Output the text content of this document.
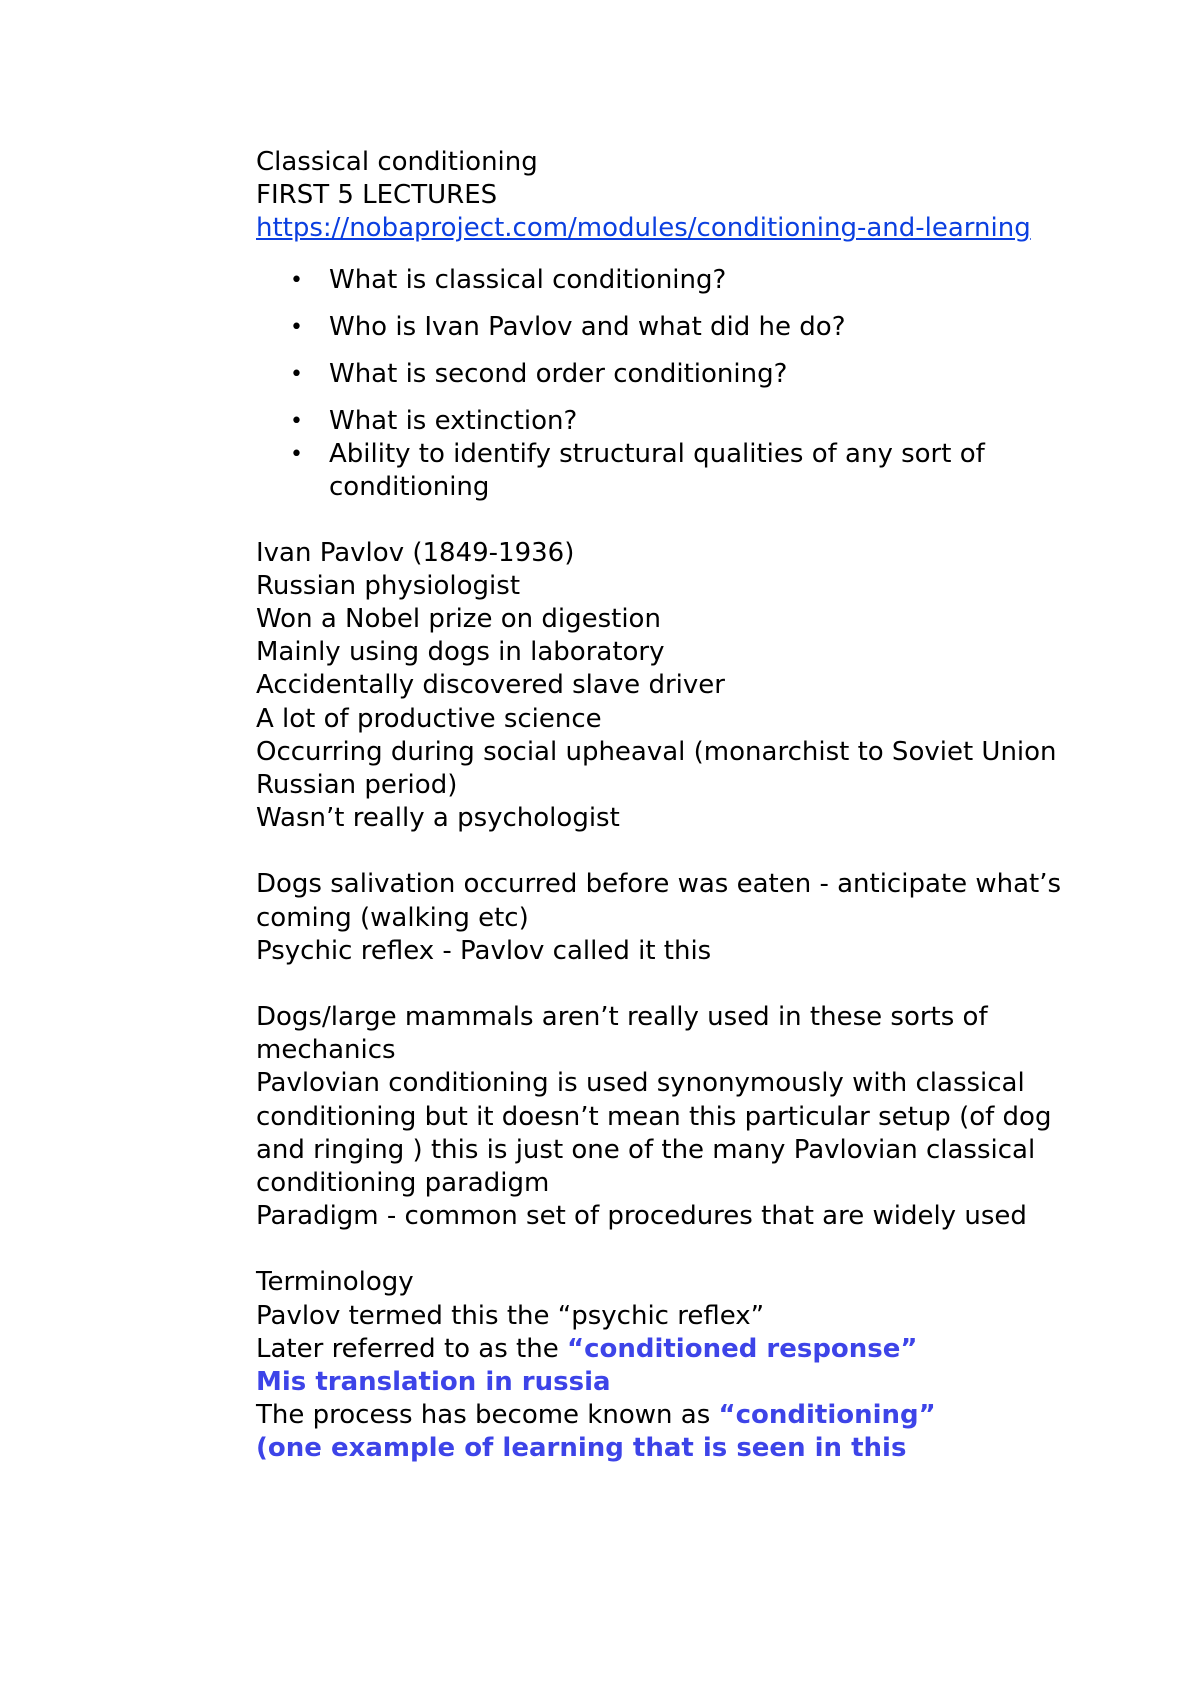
Classical conditioning

FIRST 5 LECTURES

https://nobaproject.com/modules/conditioning-and-learning

• What is classical conditioning?
• Who is Ivan Pavlov and what did he do?
• What is second order conditioning?
• What is extinction?
• Ability to identify structural qualities of any sort of conditioning

Ivan Pavlov (1849-1936)

Russian physiologist

Won a Nobel prize on digestion

Mainly using dogs in laboratory

Accidentally discovered slave driver

A lot of productive science

Occurring during social upheaval (monarchist to Soviet Union Russian period)

Wasn’t really a psychologist

Dogs salivation occurred before was eaten - anticipate what’s coming (walking etc)

Psychic reflex - Pavlov called it this

Dogs/large mammals aren’t really used in these sorts of mechanics

Pavlovian conditioning is used synonymously with classical conditioning but it doesn’t mean this particular setup (of dog and ringing ) this is just one of the many Pavlovian classical conditioning paradigm

Paradigm - common set of procedures that are widely used

Terminology

Pavlov termed this the “psychic reflex”

Later referred to as the “conditioned response”

Mis translation in russia

The process has become known as “conditioning”

(one example of learning that is seen in this
